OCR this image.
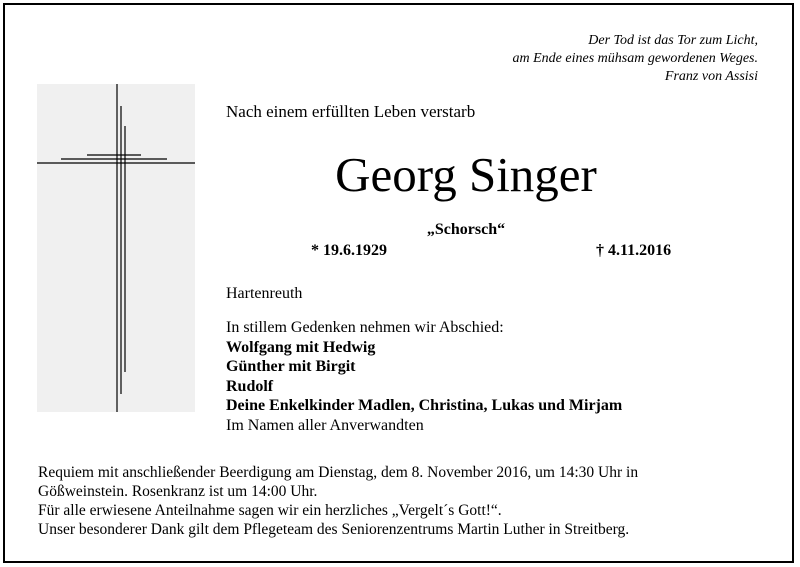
Der Tod ist das Tor zum Licht,
am Ende eines mühsam gewordenen Weges.
Franz von Assisi
Nach einem erfüllten Leben verstarb
Georg Singer
„Schorsch“
* 19.6.1929	† 4.11.2016
Hartenreuth
In stillem Gedenken nehmen wir Abschied:
Wolfgang mit Hedwig
Günther mit Birgit
Rudolf
Deine Enkelkinder Madlen, Christina, Lukas und Mirjam
Im Namen aller Anverwandten
Requiem mit anschließender Beerdigung am Dienstag, dem 8. November 2016, um 14:30 Uhr in
Gößweinstein. Rosenkranz ist um 14:00 Uhr.
Für alle erwiesene Anteilnahme sagen wir ein herzliches „Vergelt´s Gott!“.
Unser besonderer Dank gilt dem Pflegeteam des Seniorenzentrums Martin Luther in Streitberg.
